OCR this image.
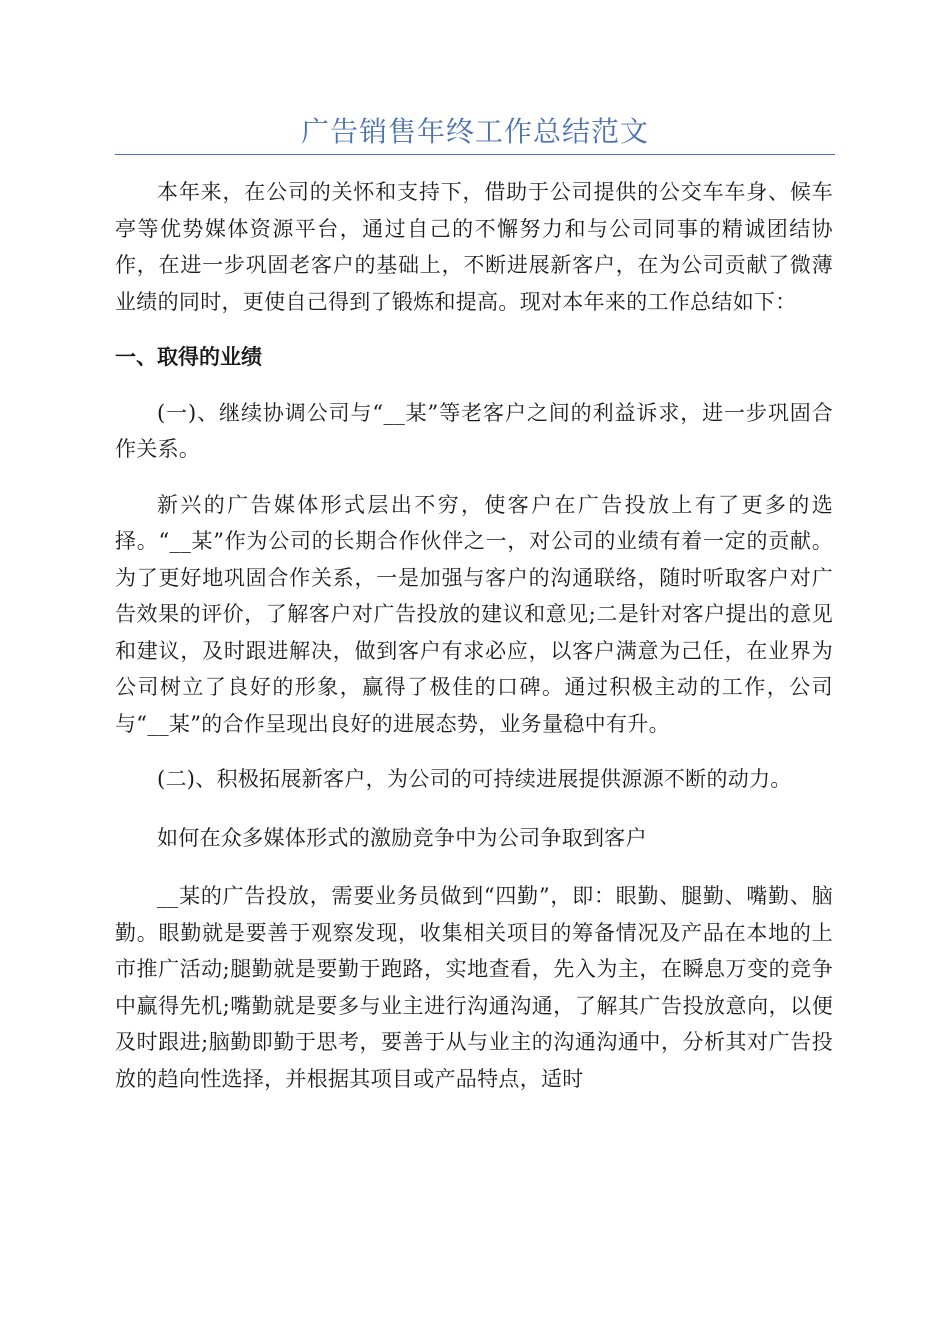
广告销售年终工作总结范文

本年来，在公司的关怀和支持下，借助于公司提供的公交车车身、候车亭等优势媒体资源平台，通过自己的不懈努力和与公司同事的精诚团结协作，在进一步巩固老客户的基础上，不断进展新客户，在为公司贡献了微薄业绩的同时，更使自己得到了锻炼和提高。现对本年来的工作总结如下：

一、取得的业绩

(一)、继续协调公司与“__某”等老客户之间的利益诉求，进一步巩固合作关系。

新兴的广告媒体形式层出不穷，使客户在广告投放上有了更多的选择。“__某”作为公司的长期合作伙伴之一，对公司的业绩有着一定的贡献。为了更好地巩固合作关系，一是加强与客户的沟通联络，随时听取客户对广告效果的评价，了解客户对广告投放的建议和意见;二是针对客户提出的意见和建议，及时跟进解决，做到客户有求必应，以客户满意为己任，在业界为公司树立了良好的形象，赢得了极佳的口碑。通过积极主动的工作，公司与“__某”的合作呈现出良好的进展态势，业务量稳中有升。

(二)、积极拓展新客户，为公司的可持续进展提供源源不断的动力。

如何在众多媒体形式的激励竞争中为公司争取到客户

__某的广告投放，需要业务员做到“四勤”，即：眼勤、腿勤、嘴勤、脑勤。眼勤就是要善于观察发现，收集相关项目的筹备情况及产品在本地的上市推广活动;腿勤就是要勤于跑路，实地查看，先入为主，在瞬息万变的竞争中赢得先机;嘴勤就是要多与业主进行沟通沟通，了解其广告投放意向，以便及时跟进;脑勤即勤于思考，要善于从与业主的沟通沟通中，分析其对广告投放的趋向性选择，并根据其项目或产品特点，适时
